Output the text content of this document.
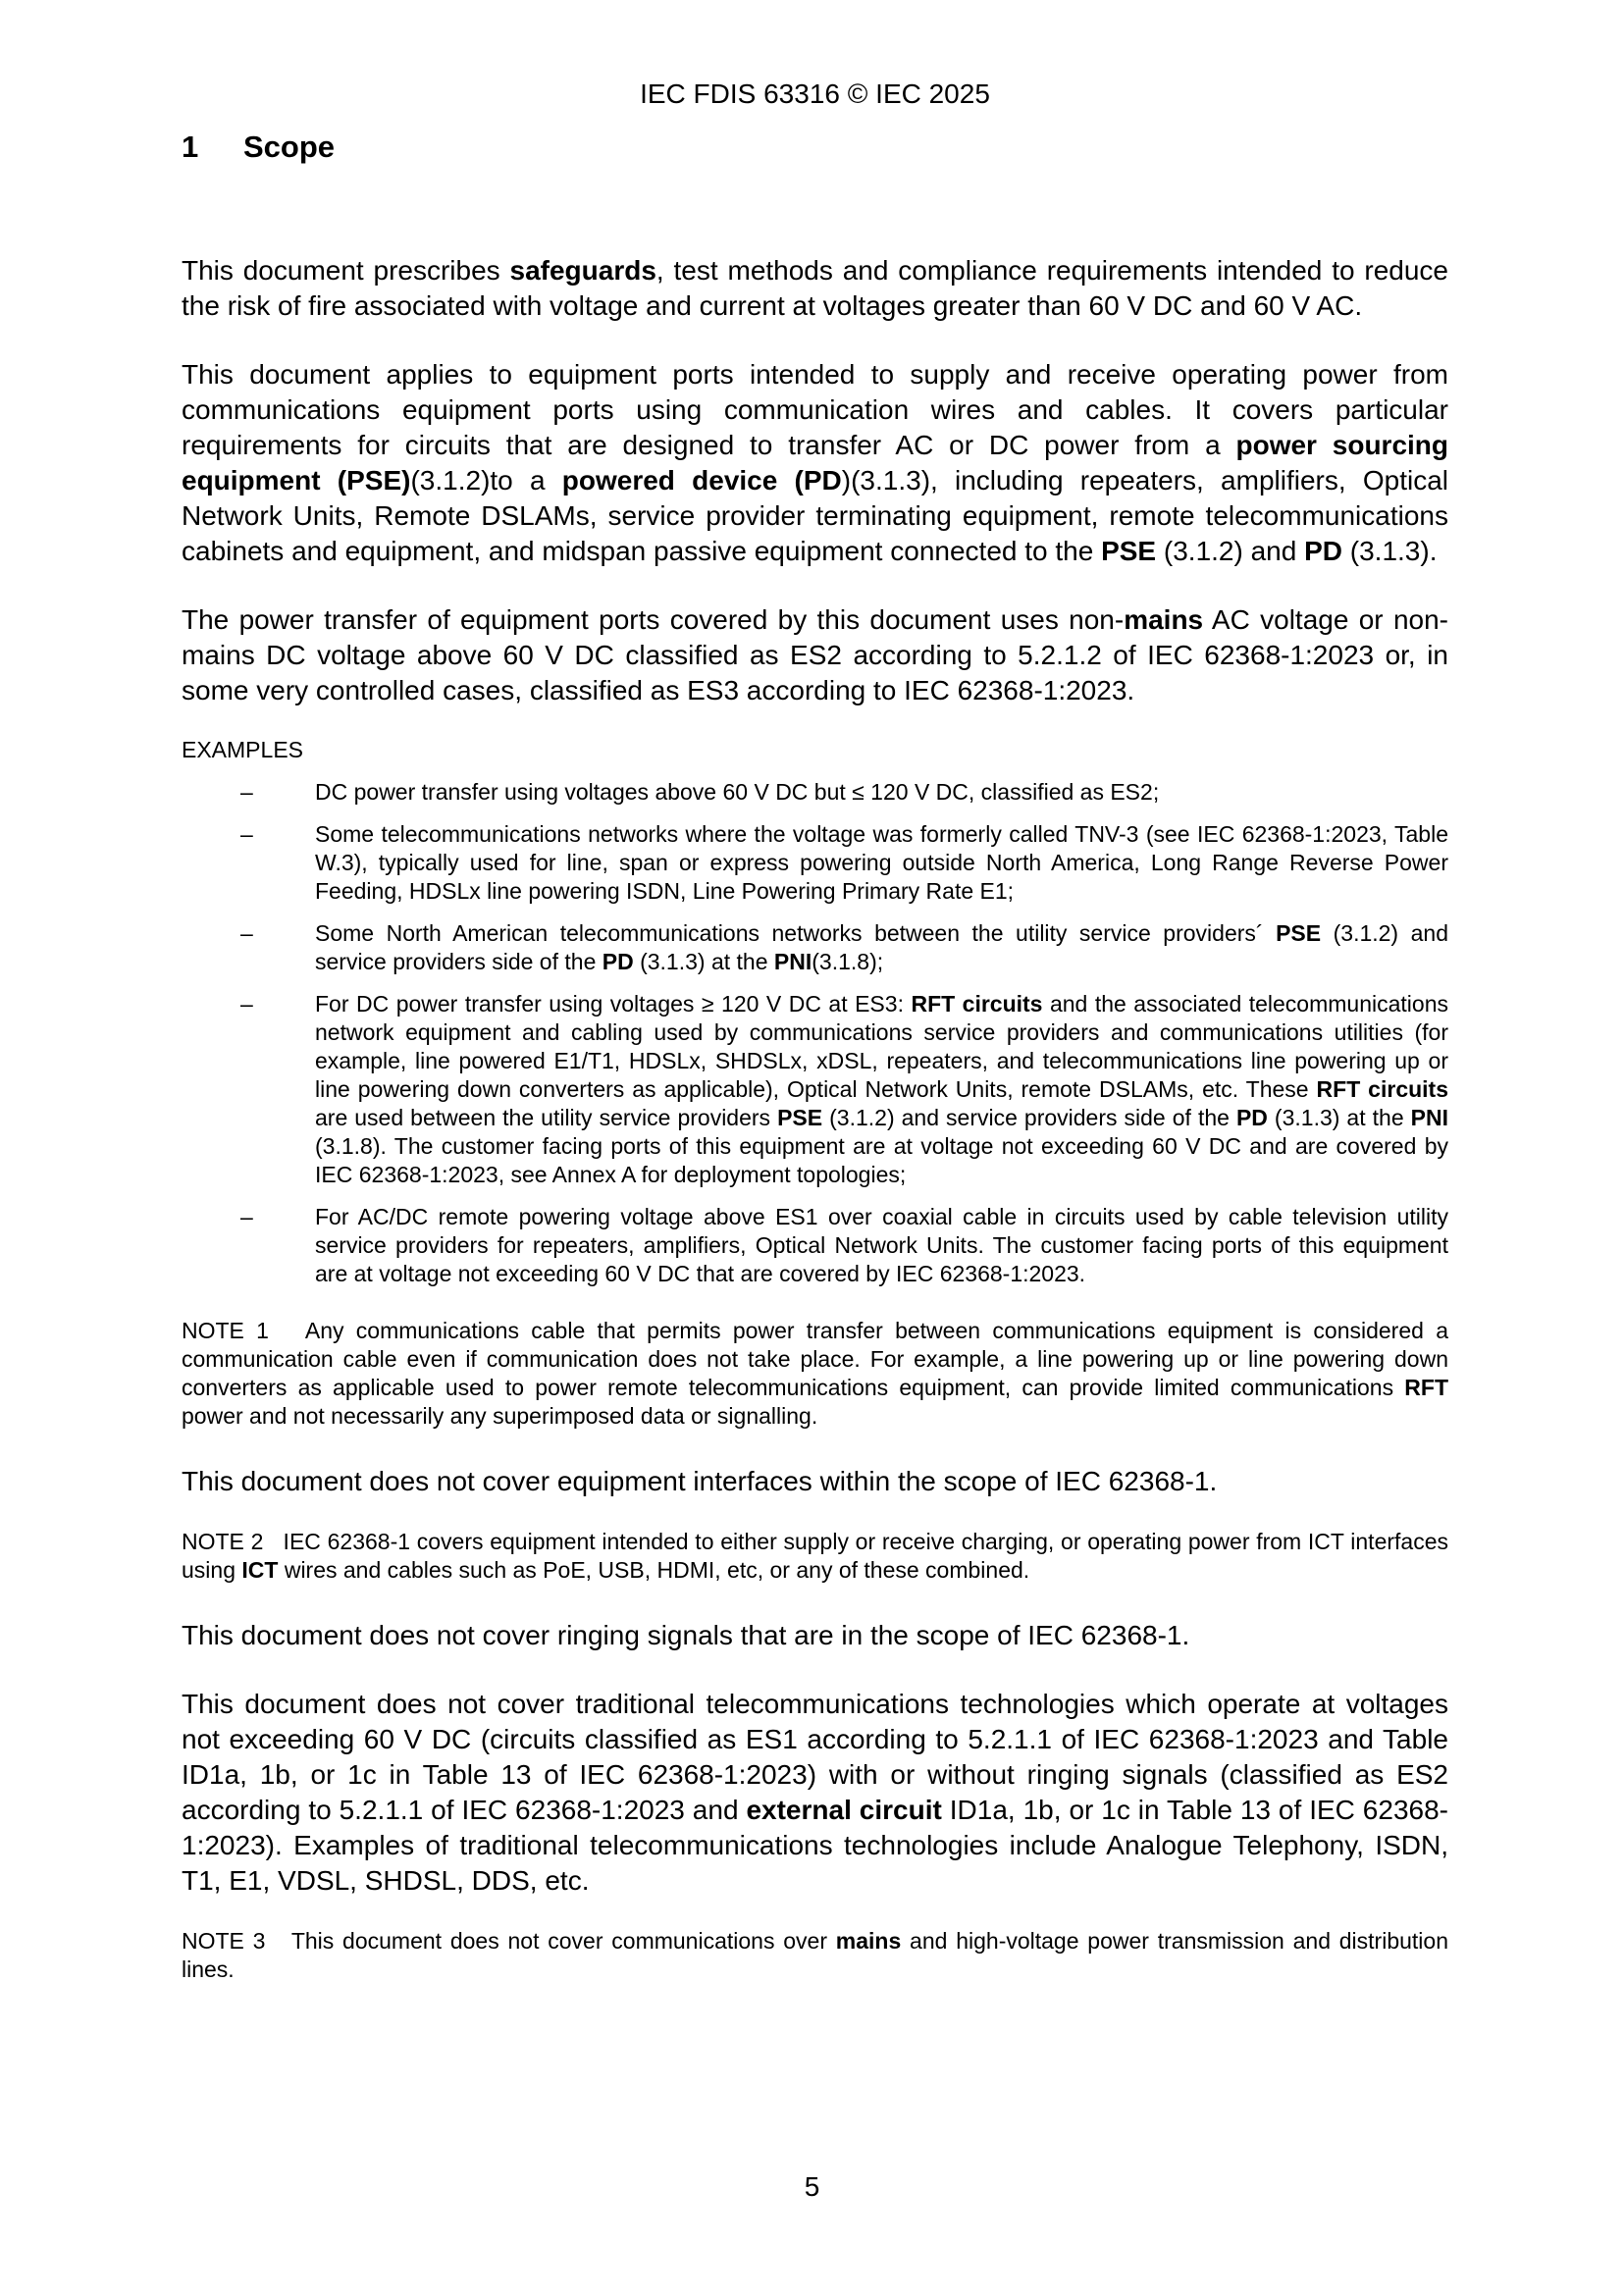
IEC FDIS 63316 © IEC 2025
1 Scope

This document prescribes safeguards, test methods and compliance requirements intended to reduce the risk of fire associated with voltage and current at voltages greater than 60 V DC and 60 V AC.

This document applies to equipment ports intended to supply and receive operating power from communications equipment ports using communication wires and cables. It covers particular requirements for circuits that are designed to transfer AC or DC power from a power sourcing equipment (PSE)(3.1.2)to a powered device (PD)(3.1.3), including repeaters, amplifiers, Optical Network Units, Remote DSLAMs, service provider terminating equipment, remote telecommunications cabinets and equipment, and midspan passive equipment connected to the PSE (3.1.2) and PD (3.1.3).

The power transfer of equipment ports covered by this document uses non-mains AC voltage or non-mains DC voltage above 60 V DC classified as ES2 according to 5.2.1.2 of IEC 62368-1:2023 or, in some very controlled cases, classified as ES3 according to IEC 62368-1:2023.

EXAMPLES
–	DC power transfer using voltages above 60 V DC but ≤ 120 V DC, classified as ES2;
–	Some telecommunications networks where the voltage was formerly called TNV-3 (see IEC 62368-1:2023, Table W.3), typically used for line, span or express powering outside North America, Long Range Reverse Power Feeding, HDSLx line powering ISDN, Line Powering Primary Rate E1;
–	Some North American telecommunications networks between the utility service providers´ PSE (3.1.2) and service providers side of the PD (3.1.3) at the PNI(3.1.8);
–	For DC power transfer using voltages ≥ 120 V DC at ES3: RFT circuits and the associated telecommunications network equipment and cabling used by communications service providers and communications utilities (for example, line powered E1/T1, HDSLx, SHDSLx, xDSL, repeaters, and telecommunications line powering up or line powering down converters as applicable), Optical Network Units, remote DSLAMs, etc. These RFT circuits are used between the utility service providers PSE (3.1.2) and service providers side of the PD (3.1.3) at the PNI (3.1.8). The customer facing ports of this equipment are at voltage not exceeding 60 V DC and are covered by IEC 62368-1:2023, see Annex A for deployment topologies;
–	For AC/DC remote powering voltage above ES1 over coaxial cable in circuits used by cable television utility service providers for repeaters, amplifiers, Optical Network Units. The customer facing ports of this equipment are at voltage not exceeding 60 V DC that are covered by IEC 62368-1:2023.

NOTE 1   Any communications cable that permits power transfer between communications equipment is considered a communication cable even if communication does not take place. For example, a line powering up or line powering down converters as applicable used to power remote telecommunications equipment, can provide limited communications RFT power and not necessarily any superimposed data or signalling.

This document does not cover equipment interfaces within the scope of IEC 62368-1.

NOTE 2   IEC 62368-1 covers equipment intended to either supply or receive charging, or operating power from ICT interfaces using ICT wires and cables such as PoE, USB, HDMI, etc, or any of these combined.

This document does not cover ringing signals that are in the scope of IEC 62368-1.

This document does not cover traditional telecommunications technologies which operate at voltages not exceeding 60 V DC (circuits classified as ES1 according to 5.2.1.1 of IEC 62368-1:2023 and Table ID1a, 1b, or 1c in Table 13 of IEC 62368-1:2023) with or without ringing signals (classified as ES2 according to 5.2.1.1 of IEC 62368-1:2023 and external circuit ID1a, 1b, or 1c in Table 13 of IEC 62368-1:2023). Examples of traditional telecommunications technologies include Analogue Telephony, ISDN, T1, E1, VDSL, SHDSL, DDS, etc.

NOTE 3   This document does not cover communications over mains and high-voltage power transmission and distribution lines.

5
